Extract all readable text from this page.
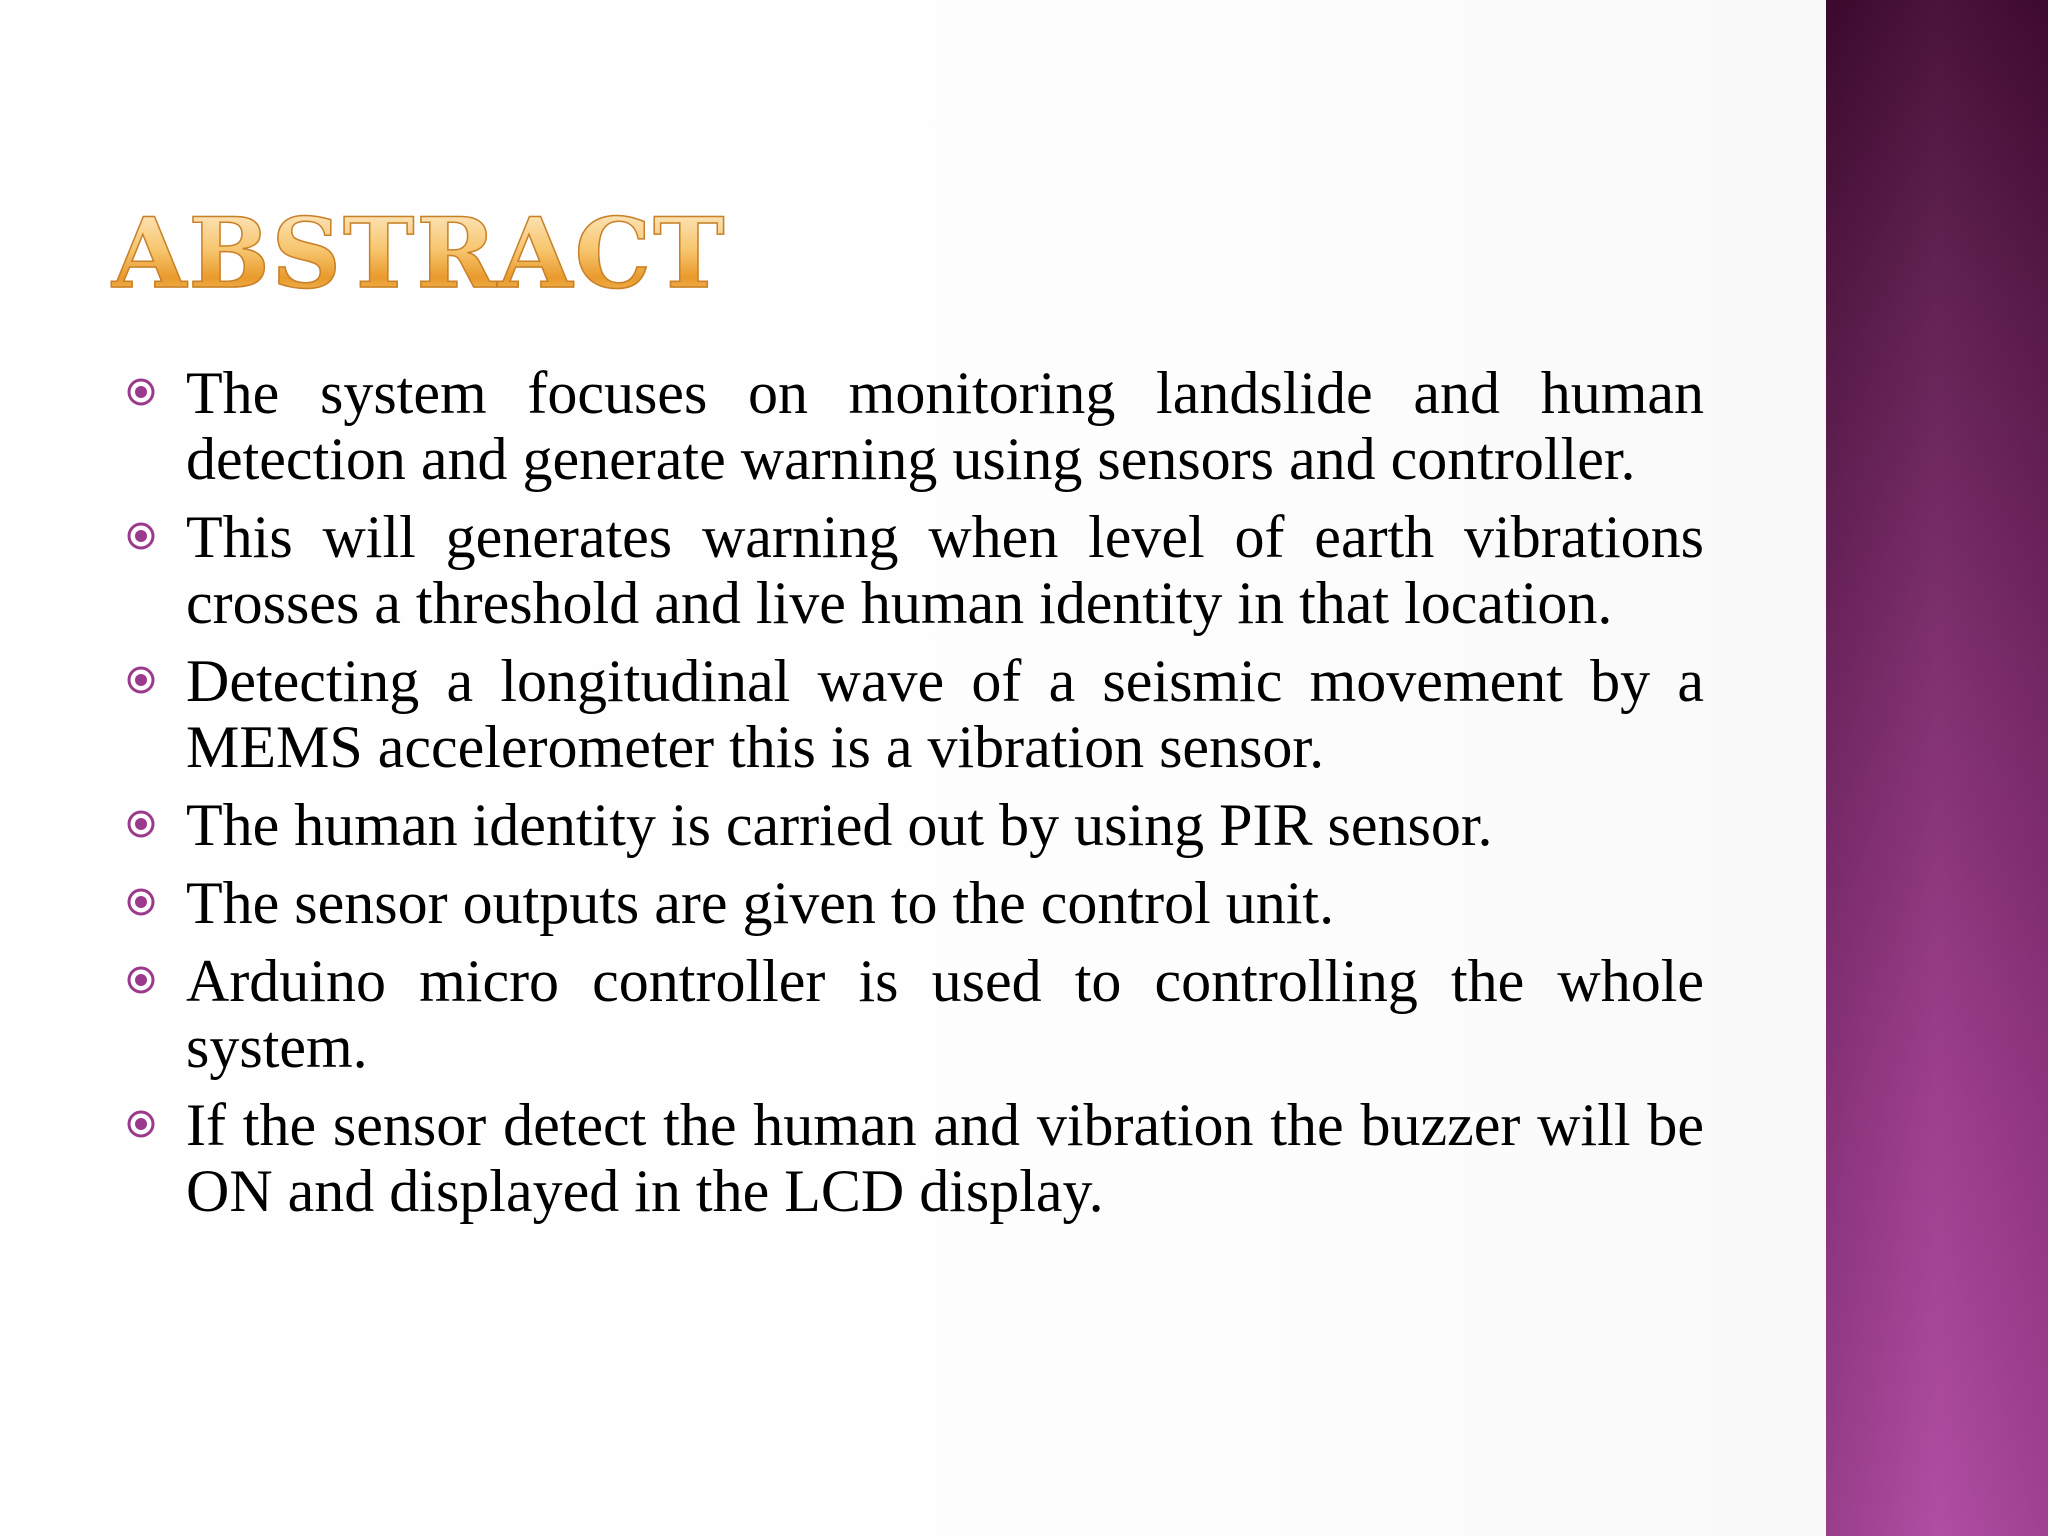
ABSTRACT
The system focuses on monitoring landslide and human detection and generate warning using sensors and controller.
This will generates warning when level of earth vibrations crosses a threshold and live human identity in that location.
Detecting a longitudinal wave of a seismic movement by a MEMS accelerometer this is a vibration sensor.
The human identity is carried out by using PIR sensor.
The sensor outputs are given to the control unit.
Arduino micro controller is used to controlling the whole system.
If the sensor detect the human and vibration the buzzer will be ON and displayed in the LCD display.
